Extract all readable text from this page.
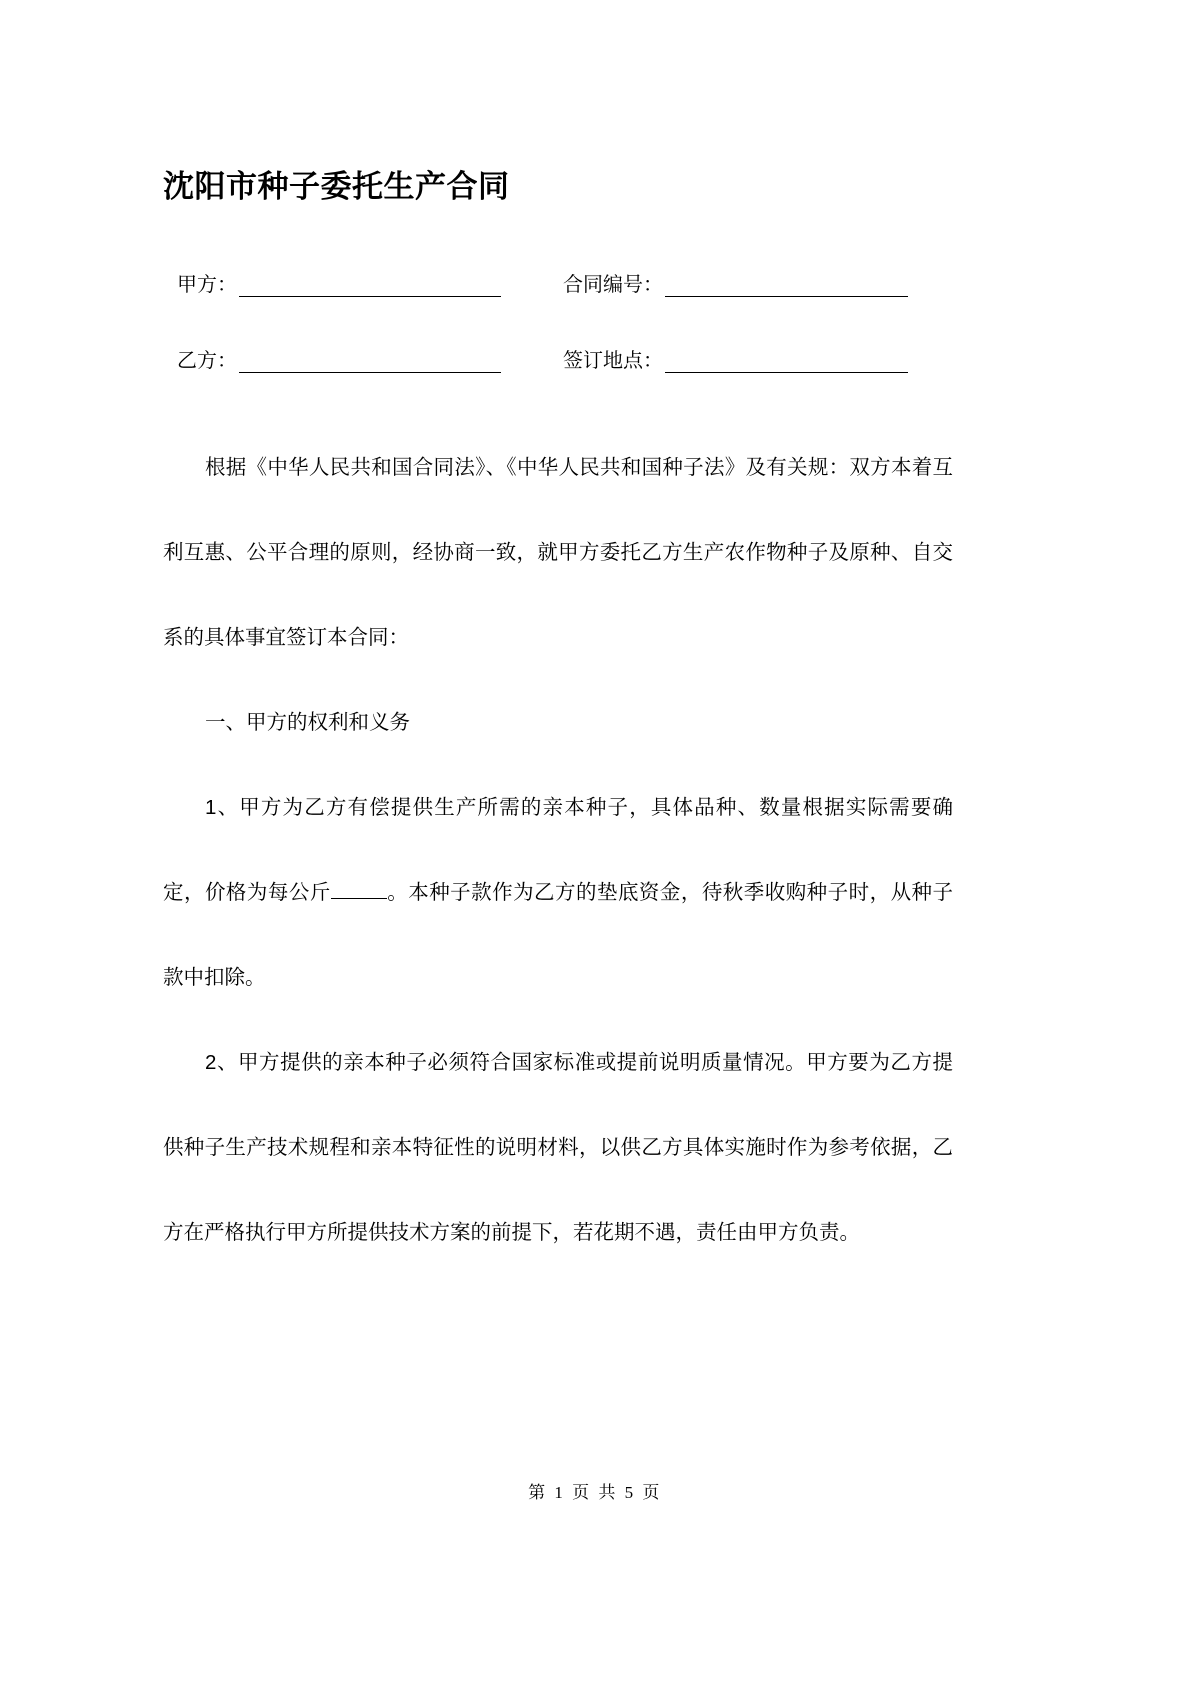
沈阳市种子委托生产合同
甲方：	合同编号：
乙方：	签订地点：

根据《中华人民共和国合同法》、《中华人民共和国种子法》及有关规：双方本着互利互惠、公平合理的原则，经协商一致，就甲方委托乙方生产农作物种子及原种、自交系的具体事宜签订本合同：

一、甲方的权利和义务

1、甲方为乙方有偿提供生产所需的亲本种子，具体品种、数量根据实际需要确定，价格为每公斤	。本种子款作为乙方的垫底资金，待秋季收购种子时，从种子款中扣除。

2、甲方提供的亲本种子必须符合国家标准或提前说明质量情况。甲方要为乙方提供种子生产技术规程和亲本特征性的说明材料，以供乙方具体实施时作为参考依据，乙方在严格执行甲方所提供技术方案的前提下，若花期不遇，责任由甲方负责。

第 1 页 共 5 页
